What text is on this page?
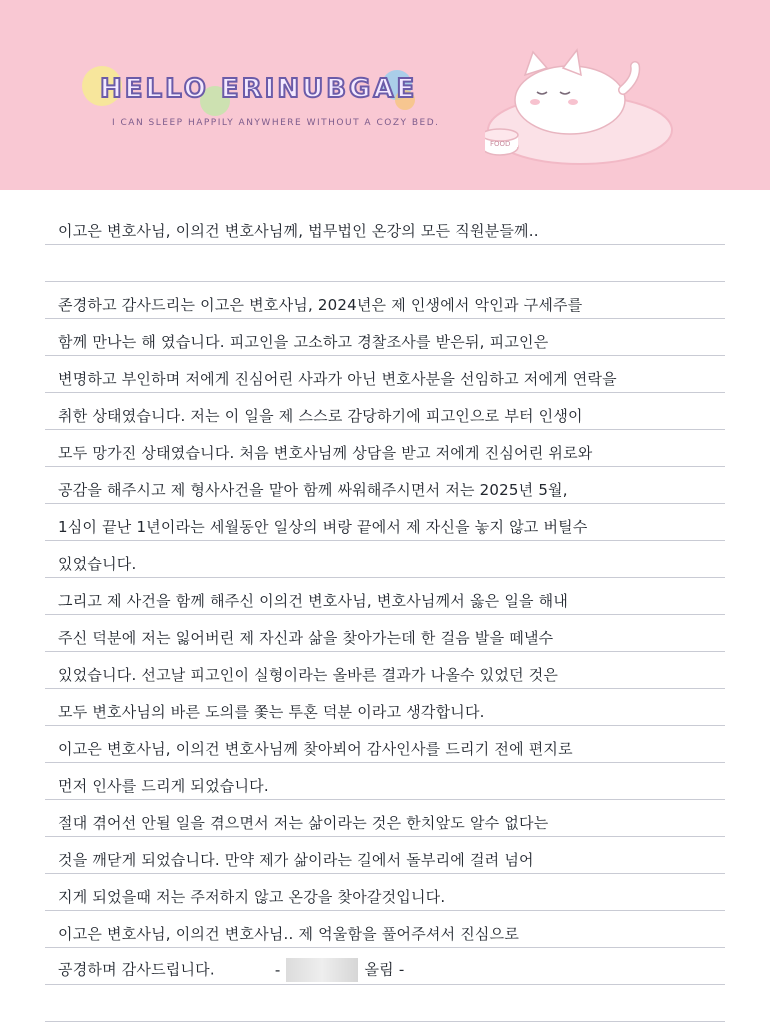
HELLO ERINUBGAE
I CAN SLEEP HAPPILY ANYWHERE WITHOUT A COZY BED.
FOOD
이고은 변호사님, 이의건 변호사님께, 법무법인 온강의 모든 직원분들께..
존경하고 감사드리는 이고은 변호사님, 2024년은 제 인생에서 악인과 구세주를
함께 만나는 해 였습니다. 피고인을 고소하고 경찰조사를 받은뒤, 피고인은
변명하고 부인하며 저에게 진심어린 사과가 아닌 변호사분을 선임하고 저에게 연락을
취한 상태였습니다. 저는 이 일을 제 스스로 감당하기에 피고인으로 부터 인생이
모두 망가진 상태였습니다. 처음 변호사님께 상담을 받고 저에게 진심어린 위로와
공감을 해주시고 제 형사사건을 맡아 함께 싸워해주시면서 저는 2025년 5월,
1심이 끝난 1년이라는 세월동안 일상의 벼랑 끝에서 제 자신을 놓지 않고 버틸수
있었습니다.
그리고 제 사건을 함께 해주신 이의건 변호사님, 변호사님께서 옳은 일을 해내
주신 덕분에 저는 잃어버린 제 자신과 삶을 찾아가는데 한 걸음 발을 떼낼수
있었습니다. 선고날 피고인이 실형이라는 올바른 결과가 나올수 있었던 것은
모두 변호사님의 바른 도의를 쫓는 투혼 덕분 이라고 생각합니다.
이고은 변호사님, 이의건 변호사님께 찾아뵈어 감사인사를 드리기 전에 편지로
먼저 인사를 드리게 되었습니다.
절대 겪어선 안될 일을 겪으면서 저는 삶이라는 것은 한치앞도 알수 없다는
것을 깨닫게 되었습니다. 만약 제가 삶이라는 길에서 돌부리에 걸려 넘어
지게 되었을때 저는 주저하지 않고 온강을 찾아갈것입니다.
이고은 변호사님, 이의건 변호사님.. 제 억울함을 풀어주셔서 진심으로
공경하며 감사드립니다.	-	올림 -
